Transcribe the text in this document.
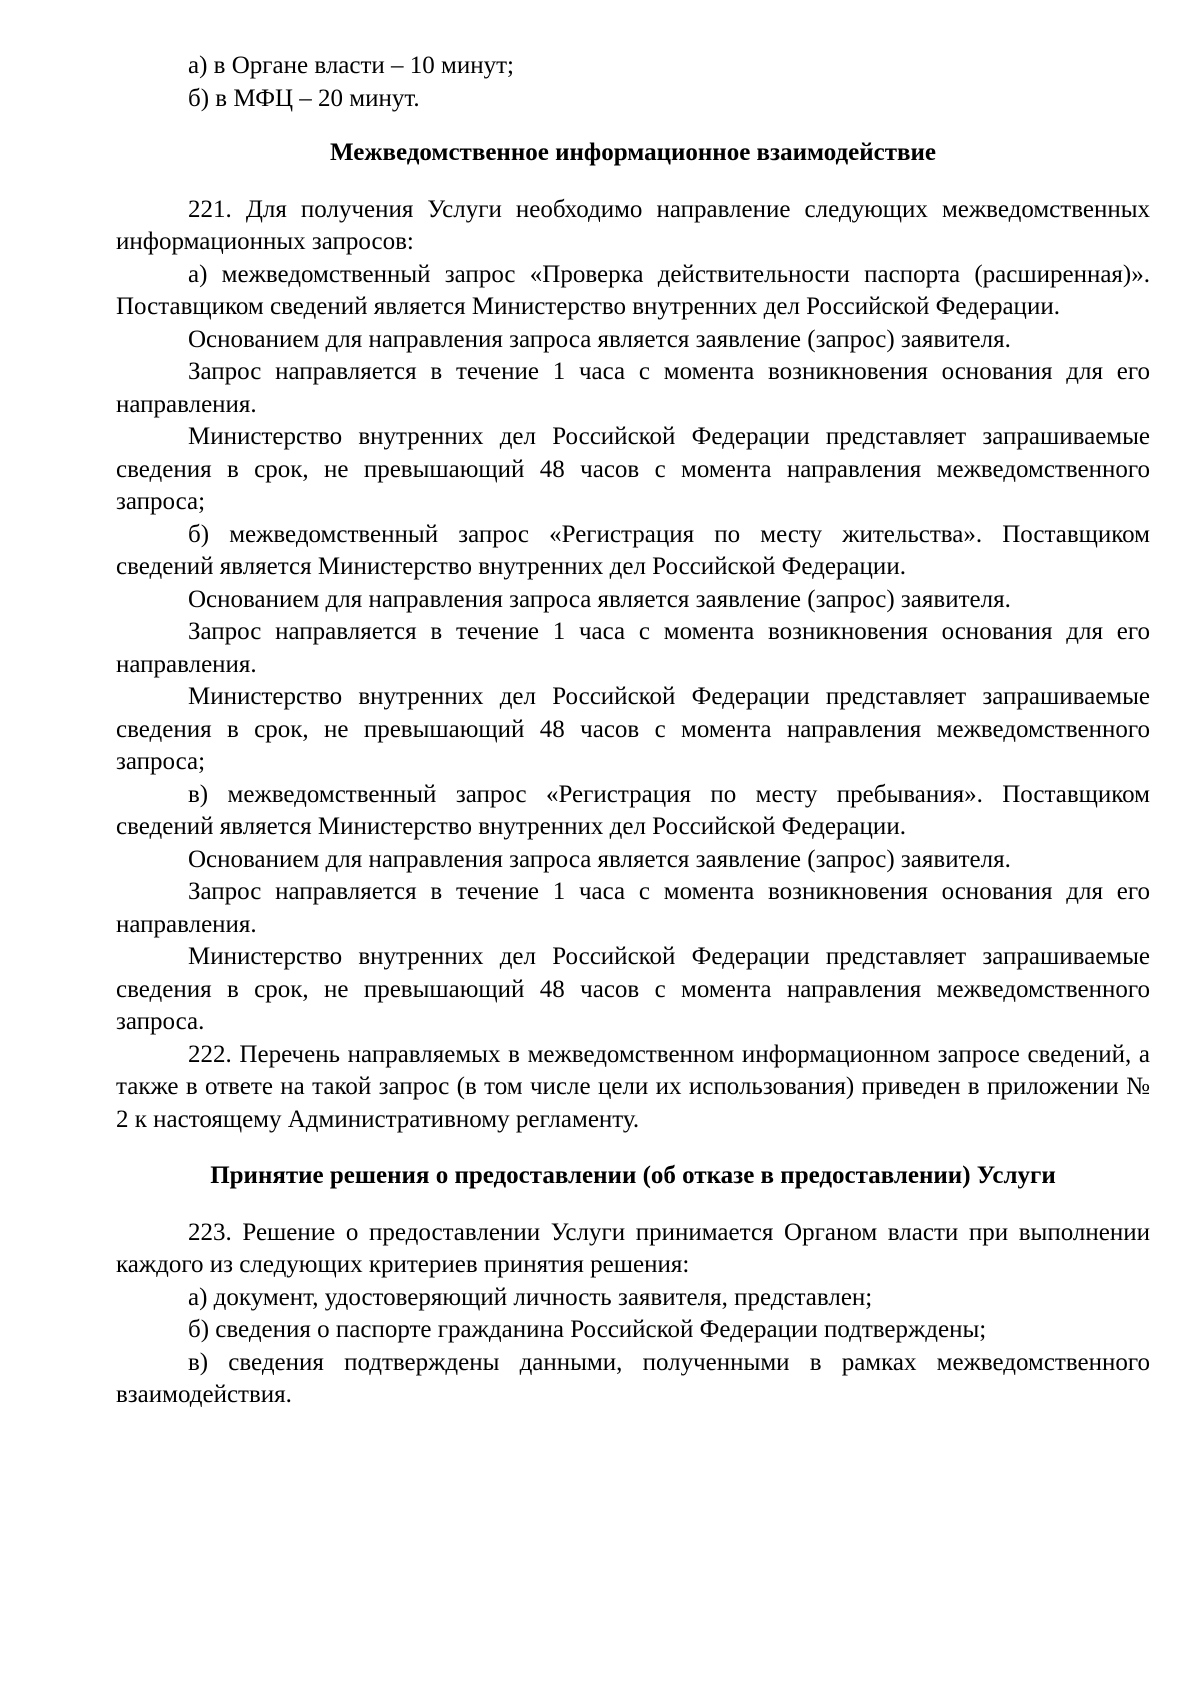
а) в Органе власти – 10 минут;

б) в МФЦ – 20 минут.

Межведомственное информационное взаимодействие

221. Для получения Услуги необходимо направление следующих межведомственных информационных запросов:

а) межведомственный запрос «Проверка действительности паспорта (расширенная)». Поставщиком сведений является Министерство внутренних дел Российской Федерации.

Основанием для направления запроса является заявление (запрос) заявителя.

Запрос направляется в течение 1 часа с момента возникновения основания для его направления.

Министерство внутренних дел Российской Федерации представляет запрашиваемые сведения в срок, не превышающий 48 часов с момента направления межведомственного запроса;

б) межведомственный запрос «Регистрация по месту жительства». Поставщиком сведений является Министерство внутренних дел Российской Федерации.

Основанием для направления запроса является заявление (запрос) заявителя.

Запрос направляется в течение 1 часа с момента возникновения основания для его направления.

Министерство внутренних дел Российской Федерации представляет запрашиваемые сведения в срок, не превышающий 48 часов с момента направления межведомственного запроса;

в) межведомственный запрос «Регистрация по месту пребывания». Поставщиком сведений является Министерство внутренних дел Российской Федерации.

Основанием для направления запроса является заявление (запрос) заявителя.

Запрос направляется в течение 1 часа с момента возникновения основания для его направления.

Министерство внутренних дел Российской Федерации представляет запрашиваемые сведения в срок, не превышающий 48 часов с момента направления межведомственного запроса.

222. Перечень направляемых в межведомственном информационном запросе сведений, а также в ответе на такой запрос (в том числе цели их использования) приведен в приложении № 2 к настоящему Административному регламенту.

Принятие решения о предоставлении (об отказе в предоставлении) Услуги

223. Решение о предоставлении Услуги принимается Органом власти при выполнении каждого из следующих критериев принятия решения:

а) документ, удостоверяющий личность заявителя, представлен;

б) сведения о паспорте гражданина Российской Федерации подтверждены;

в) сведения подтверждены данными, полученными в рамках межведомственного взаимодействия.
